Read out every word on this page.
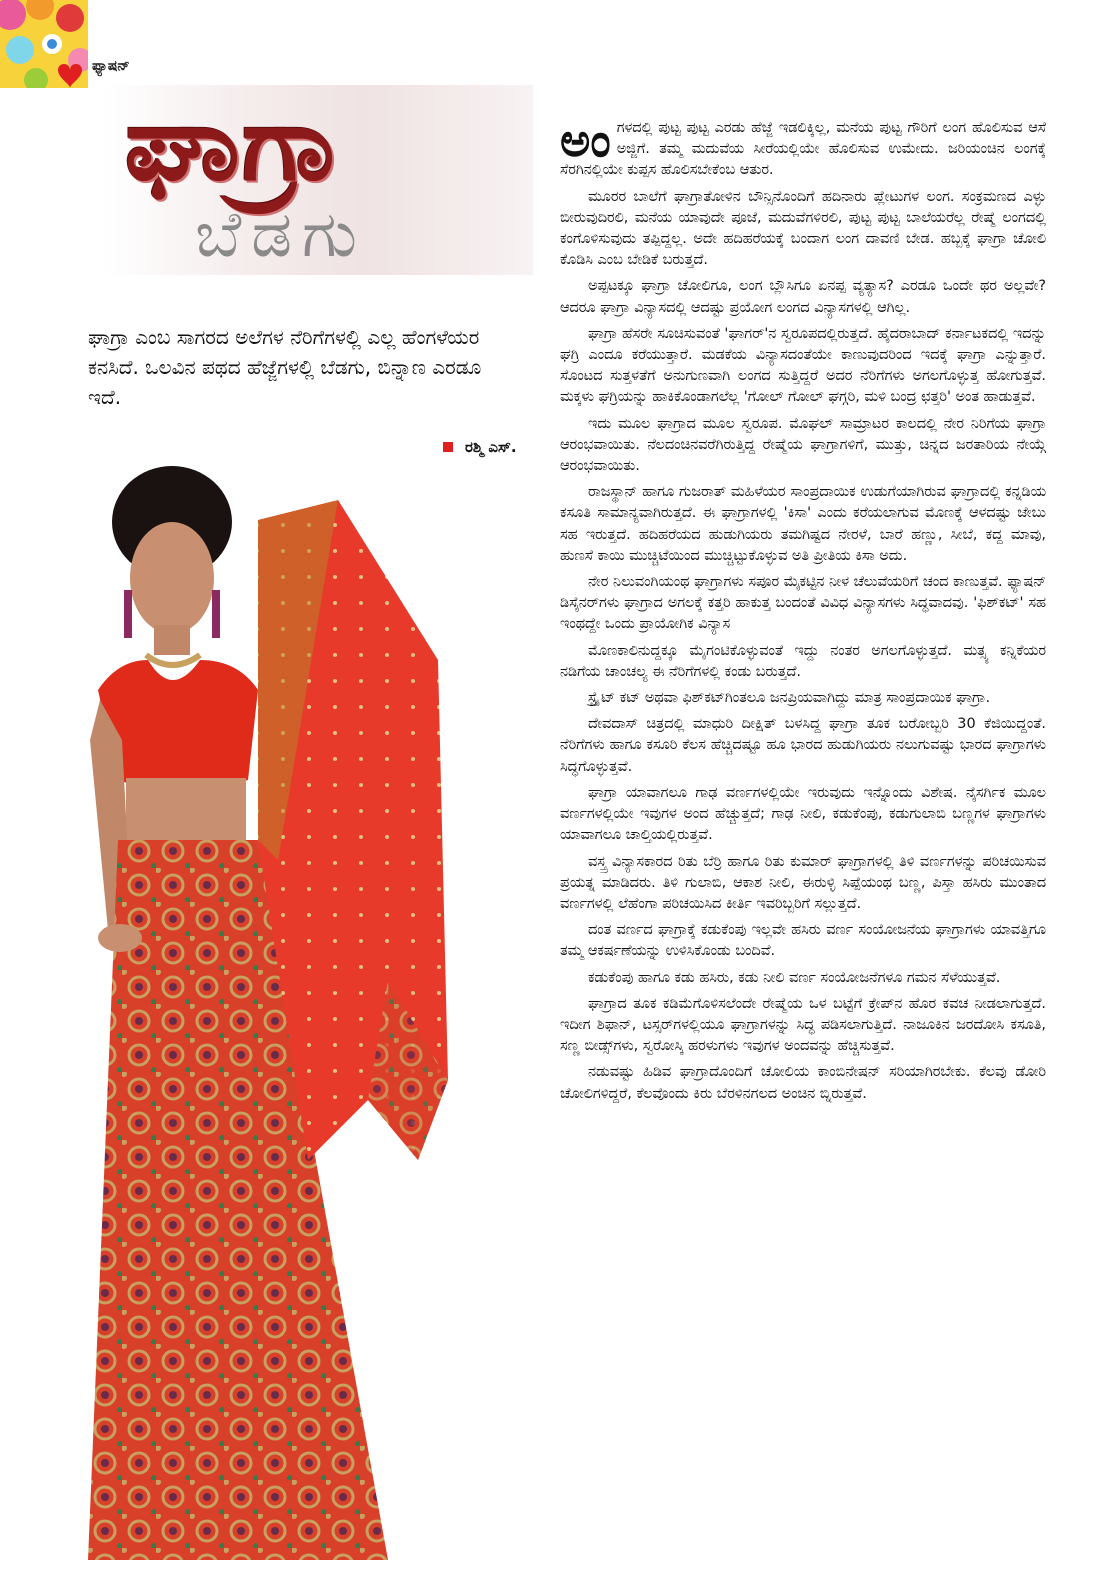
ಫ್ಯಾಷನ್
ಘಾಗ್ರಾ
ಬೆಡಗು
ಘಾಗ್ರಾ ಎಂಬ ಸಾಗರದ ಅಲೆಗಳ ನೆರಿಗೆಗಳಲ್ಲಿ ಎಲ್ಲ ಹೆಂಗಳೆಯರ ಕನಸಿದೆ. ಒಲವಿನ ಪಥದ ಹೆಜ್ಜೆಗಳಲ್ಲಿ ಬೆಡಗು, ಬಿನ್ನಾಣ ಎರಡೂ ಇದೆ.
ರಶ್ಮಿ ಎಸ್.

ಅಂಗಳದಲ್ಲಿ ಪುಟ್ಟ ಪುಟ್ಟ ಎರಡು ಹೆಜ್ಜೆ ಇಡಲಿಕ್ಕಿಲ್ಲ, ಮನೆಯ ಪುಟ್ಟ ಗೌರಿಗೆ ಲಂಗ ಹೊಲಿಸುವ ಆಸೆ ಅಜ್ಜಿಗೆ. ತಮ್ಮ ಮದುವೆಯ ಸೀರೆಯಲ್ಲಿಯೇ ಹೊಲಿಸುವ ಉಮೇದು. ಜರಿಯಂಚಿನ ಲಂಗಕ್ಕೆ ಸೆರಗಿನಲ್ಲಿಯೇ ಕುಪ್ಪಸ ಹೊಲಿಸಬೇಕೆಂಬ ಆತುರ.

ಮೂರರ ಬಾಲೆಗೆ ಘಾಗ್ರಾತೋಳಿನ ಬೌನ್ಸಿನೊಂದಿಗೆ ಹದಿನಾರು ಪ್ಲೇಟುಗಳ ಲಂಗ. ಸಂಕ್ರಮಣದ ಎಳ್ಳು ಬೀರುವುದಿರಲಿ, ಮನೆಯ ಯಾವುದೇ ಪೂಜೆ, ಮದುವೆಗಳಿರಲಿ, ಪುಟ್ಟ ಪುಟ್ಟ ಬಾಲೆಯರೆಲ್ಲ ರೇಷ್ಮೆ ಲಂಗದಲ್ಲಿ ಕಂಗೊಳಿಸುವುದು ತಪ್ಪಿದ್ದಲ್ಲ. ಅದೇ ಹದಿಹರೆಯಕ್ಕೆ ಬಂದಾಗ ಲಂಗ ದಾವಣಿ ಬೇಡ. ಹಬ್ಬಕ್ಕೆ ಘಾಗ್ರಾ ಚೋಲಿ ಕೊಡಿಸಿ ಎಂಬ ಬೇಡಿಕೆ ಬರುತ್ತದೆ.

ಅಪ್ಪಟಕ್ಕೂ ಘಾಗ್ರಾ ಚೋಲಿಗೂ, ಲಂಗ ಬ್ಲೌಸಿಗೂ ಏನಪ್ಪ ವ್ಯತ್ಯಾಸ? ಎರಡೂ ಒಂದೇ ಥರ ಅಲ್ಲವೇ? ಆದರೂ ಘಾಗ್ರಾ ವಿನ್ಯಾಸದಲ್ಲಿ ಆದಷ್ಟು ಪ್ರಯೋಗ ಲಂಗದ ವಿನ್ಯಾಸಗಳಲ್ಲಿ ಆಗಿಲ್ಲ.

ಘಾಗ್ರಾ ಹೆಸರೇ ಸೂಚಿಸುವಂತೆ 'ಘಾಗರ್'ನ ಸ್ವರೂಪದಲ್ಲಿರುತ್ತದೆ. ಹೈದರಾಬಾದ್ ಕರ್ನಾಟಕದಲ್ಲಿ ಇದನ್ನು ಘಗ್ರಿ ಎಂದೂ ಕರೆಯುತ್ತಾರೆ. ಮಡಕೆಯ ವಿನ್ಯಾಸದಂತೆಯೇ ಕಾಣುವುದರಿಂದ ಇದಕ್ಕೆ ಘಾಗ್ರಾ ಎನ್ನುತ್ತಾರೆ. ಸೊಂಟದ ಸುತ್ತಳತೆಗೆ ಅನುಗುಣವಾಗಿ ಲಂಗದ ಸುತ್ತಿದ್ದರೆ ಅದರ ನೆರಿಗೆಗಳು ಅಗಲಗೊಳ್ಳುತ್ತ ಹೋಗುತ್ತವೆ. ಮಕ್ಕಳು ಘಗ್ರಿಯನ್ನು ಹಾಕಿಕೊಂಡಾಗಲೆಲ್ಲ 'ಗೋಲ್ ಗೋಲ್ ಘಗ್ಗರಿ, ಮಳಿ ಬಂದ್ರ ಛತ್ತರಿ' ಅಂತ ಹಾಡುತ್ತವೆ.

ಇದು ಮೂಲ ಘಾಗ್ರಾದ ಮೂಲ ಸ್ವರೂಪ. ಮೊಘಲ್ ಸಾಮ್ರಾಟರ ಕಾಲದಲ್ಲಿ ನೇರ ನಿರಿಗೆಯ ಘಾಗ್ರಾ ಆರಂಭವಾಯಿತು. ನೆಲದಂಚಿನವರೆಗಿರುತ್ತಿದ್ದ ರೇಷ್ಮೆಯ ಘಾಗ್ರಾಗಳಿಗೆ, ಮುತ್ತು, ಚಿನ್ನದ ಜರತಾರಿಯ ನೇಯ್ಗೆ ಆರಂಭವಾಯಿತು.

ರಾಜಸ್ಥಾನ್ ಹಾಗೂ ಗುಜರಾತ್ ಮಹಿಳೆಯರ ಸಾಂಪ್ರದಾಯಿಕ ಉಡುಗೆಯಾಗಿರುವ ಘಾಗ್ರಾದಲ್ಲಿ ಕನ್ನಡಿಯ ಕಸೂತಿ ಸಾಮಾನ್ಯವಾಗಿರುತ್ತದೆ. ಈ ಘಾಗ್ರಾಗಳಲ್ಲಿ 'ಕಿಸಾ' ಎಂದು ಕರೆಯಲಾಗುವ ಮೊಣಕ್ಕೆ ಆಳದಷ್ಟು ಜೇಬು ಸಹ ಇರುತ್ತದೆ. ಹದಿಹರೆಯದ ಹುಡುಗಿಯರು ತಮಗಿಷ್ಟದ ನೇರಳೆ, ಬಾರೆ ಹಣ್ಣು, ಸೀಬೆ, ಕದ್ದ ಮಾವು, ಹುಣಸೆ ಕಾಯಿ ಮುಚ್ಚಿಟೆಯಿಂದ ಮುಚ್ಚಿಟ್ಟುಕೊಳ್ಳುವ ಅತಿ ಪ್ರೀತಿಯ ಕಿಸಾ ಅದು.

ನೇರ ನಿಲುವಂಗಿಯಂಥ ಘಾಗ್ರಾಗಳು ಸಪೂರ ಮೈಕಟ್ಟಿನ ನೀಳ ಚೆಲುವೆಯರಿಗೆ ಚಂದ ಕಾಣುತ್ತವೆ. ಫ್ಯಾಷನ್ ಡಿಸೈನರ್‌ಗಳು ಘಾಗ್ರಾದ ಅಗಲಕ್ಕೆ ಕತ್ತರಿ ಹಾಕುತ್ತ ಬಂದಂತೆ ವಿವಿಧ ವಿನ್ಯಾಸಗಳು ಸಿದ್ಧವಾದವು. 'ಫಿಶ್‌ಕಟ್' ಸಹ ಇಂಥದ್ದೇ ಒಂದು ಪ್ರಾಯೋಗಿಕ ವಿನ್ಯಾಸ

ಮೊಣಕಾಲಿನುದ್ದಕ್ಕೂ ಮೈಗಂಟಿಕೊಳ್ಳುವಂತೆ ಇದ್ದು ನಂತರ ಅಗಲಗೊಳ್ಳುತ್ತದೆ. ಮತ್ಸ್ಯ ಕನ್ನಿಕೆಯರ ನಡಿಗೆಯ ಚಾಂಚಲ್ಯ ಈ ನೆರಿಗೆಗಳಲ್ಲಿ ಕಂಡು ಬರುತ್ತದೆ.

ಸ್ಟ್ರೈಟ್ ಕಟ್ ಅಥವಾ ಫಿಶ್‌ಕಟ್‌ಗಿಂತಲೂ ಜನಪ್ರಿಯವಾಗಿದ್ದು ಮಾತ್ರ ಸಾಂಪ್ರದಾಯಿಕ ಘಾಗ್ರಾ.

ದೇವದಾಸ್ ಚಿತ್ರದಲ್ಲಿ ಮಾಧುರಿ ದೀಕ್ಷಿತ್ ಬಳಸಿದ್ದ ಘಾಗ್ರಾ ತೂಕ ಬರೋಬ್ಬರಿ 30 ಕೆಜಿಯಿದ್ದಂತೆ. ನೆರಿಗೆಗಳು ಹಾಗೂ ಕಸೂರಿ ಕೆಲಸ ಹೆಚ್ಚಿದಷ್ಟೂ ಹೂ ಭಾರದ ಹುಡುಗಿಯರು ನಲುಗುವಷ್ಟು ಭಾರದ ಘಾಗ್ರಾಗಳು ಸಿದ್ಧಗೊಳ್ಳುತ್ತವೆ.

ಘಾಗ್ರಾ ಯಾವಾಗಲೂ ಗಾಢ ವರ್ಣಗಳಲ್ಲಿಯೇ ಇರುವುದು ಇನ್ನೊಂದು ವಿಶೇಷ. ನೈಸರ್ಗಿಕ ಮೂಲ ವರ್ಣಗಳಲ್ಲಿಯೇ ಇವುಗಳ ಅಂದ ಹೆಚ್ಚುತ್ತದೆ; ಗಾಢ ನೀಲಿ, ಕಡುಕೆಂಪು, ಕಡುಗುಲಾಬಿ ಬಣ್ಣಗಳ ಘಾಗ್ರಾಗಳು ಯಾವಾಗಲೂ ಚಾಲ್ತಿಯಲ್ಲಿರುತ್ತವೆ.

ವಸ್ತ್ರ ವಿನ್ಯಾಸಕಾರದ ರಿತು ಬೆರ್ರಿ ಹಾಗೂ ರಿತು ಕುಮಾರ್ ಘಾಗ್ರಾಗಳಲ್ಲಿ ತಿಳಿ ವರ್ಣಗಳನ್ನು ಪರಿಚಯಿಸುವ ಪ್ರಯತ್ನ ಮಾಡಿದರು. ತಿಳಿ ಗುಲಾಬಿ, ಆಕಾಶ ನೀಲಿ, ಈರುಳ್ಳಿ ಸಿಪ್ಪೆಯಂಥ ಬಣ್ಣ, ಪಿಸ್ತಾ ಹಸಿರು ಮುಂತಾದ ವರ್ಣಗಳಲ್ಲಿ ಲೆಹೆಂಗಾ ಪರಿಚಯಿಸಿದ ಕೀರ್ತಿ ಇವರಿಬ್ಬರಿಗೆ ಸಲ್ಲುತ್ತದೆ.

ದಂತ ವರ್ಣದ ಘಾಗ್ರಾಕ್ಕೆ ಕಡುಕೆಂಪು ಇಲ್ಲವೇ ಹಸಿರು ವರ್ಣ ಸಂಯೋಜನೆಯ ಘಾಗ್ರಾಗಳು ಯಾವತ್ತಿಗೂ ತಮ್ಮ ಆಕರ್ಷಣೆಯನ್ನು ಉಳಿಸಿಕೊಂಡು ಬಂದಿವೆ.

ಕಡುಕೆಂಪು ಹಾಗೂ ಕಡು ಹಸಿರು, ಕಡು ನೀಲಿ ವರ್ಣ ಸಂಯೋಜನೆಗಳೂ ಗಮನ ಸೆಳೆಯುತ್ತವೆ.

ಘಾಗ್ರಾದ ತೂಕ ಕಡಿಮೆಗೊಳಿಸಲೆಂದೇ ರೇಷ್ಮೆಯ ಒಳ ಬಟ್ಟೆಗೆ ಕ್ರೇಪ್‌ನ ಹೊರ ಕವಚ ನೀಡಲಾಗುತ್ತದೆ. ಇದೀಗ ಶಿಫಾನ್, ಟಸ್ಸರ್‌ಗಳಲ್ಲಿಯೂ ಘಾಗ್ರಾಗಳನ್ನು ಸಿದ್ಧ ಪಡಿಸಲಾಗುತ್ತಿದೆ. ನಾಜೂಕಿನ ಜರದೋಸಿ ಕಸೂತಿ, ಸಣ್ಣ ಬೀಡ್ಸ್‌ಗಳು, ಸ್ವರೋಸ್ಕಿ ಹರಳುಗಳು ಇವುಗಳ ಅಂದವನ್ನು ಹೆಚ್ಚಿಸುತ್ತವೆ.

ನಡುವಷ್ಟು ಹಿಡಿವ ಘಾಗ್ರಾದೊಂದಿಗೆ ಚೋಲಿಯ ಕಾಂಬಿನೇಷನ್ ಸರಿಯಾಗಿರಬೇಕು. ಕೆಲವು ಡೋರಿ ಚೋಲಿಗಳಿದ್ದರೆ, ಕೆಲವೊಂದು ಕಿರು ಬೆರಳಿನಗಲದ ಅಂಚಿನ ಬ್ನಿರುತ್ತವೆ.
